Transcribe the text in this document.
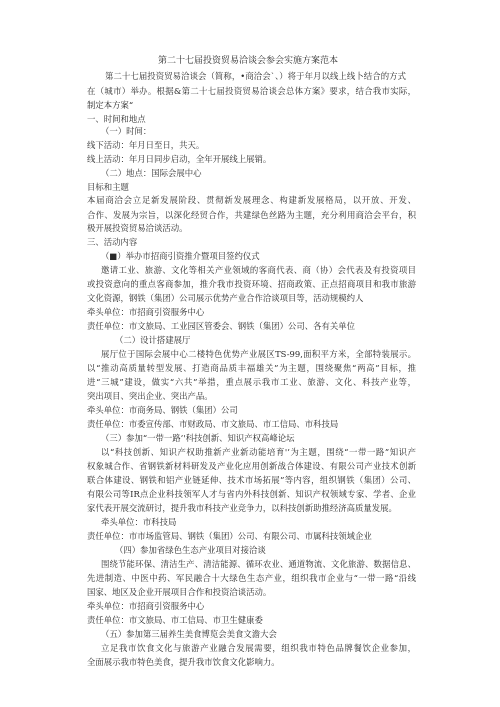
第二十七届投资贸易洽谈会参会实施方案范本
第二十七届投资贸易洽谈会（简称，•商洽会`、）将于年月以线上线卜结合的方式
在（城市）举办。根据&第二十七届投资贸易洽谈会总体方案》要求，结合我市实际，
制定本方案“
一、时间和地点
（一）时间：
线下活动：年月日至日，共天。
线上活动：年月日同步启动，全年开展线上展销。
（二）地点：国际会展中心
目标和主题
本届商洽会立足新发展阶段、贯彻新发展理念、构建新发展格局，以开放、开发、
合作、发展为宗旨，以深化经贸合作，共建绿色丝路为主题，充分利用商洽会平台，积
极开展投资贸易洽谈活动。
三、活动内容
（■）举办市招商引资推介暨项目签约仪式
邀请工业、旅游、文化等相关产业领域的客商代表、商（协）会代表及有投资项目
或投资意向的重点客商参加，推介我市投资环境、招商政策、正点招商项目和我市旅游
文化资源，钢铁（集团）公司展示优势产业合作洽谈项目等，活动规模约人
牵头单位：市招商引资服务中心
责任单位：市文旅局、工业园区管委会、钢铁（集团）公司、各有关单位
（二）设计搭建展厅
展厅位于国际会展中心二楼特色优势产业展区TS-99,面积平方米，全部特装展示。
以“推动高质量转型发展、打造商品质丰福雄关”为主题，围绕聚焦“两高”目标，推
进“三城”建设，做实“六共”举措，重点展示我市工业、旅游、文化、科技产业等，
突出项目、突出企业、突出产品。
牵头单位：市商务局、钢铁（集团）公司
责任单位：市委宣传部、市财政局、市文旅局、市工信局、市科技局
（三）参加“一带一路’'科技创新、知识产权高峰论坛
以“科技创新、知识产权助推新产业新动能培育'’为主题，围绕“一带一路”知识产
权象城合作、省钢铁新材料研发及产业化应用创新战合体建设、有限公司产业技术创新
联合体建设、钢铁和铝产业链延伸、技术市场拓展”等内容，组织钢铁（集团）公司、
有限公司等IR点企业科技领军人才与省内外科技创新、知识产权领域专家、学者、企业
家代表开展交流研讨，提升我市科技产业竞争力，以科技创新助推经济高质量发展。
牵头单位：市科技局
责任单位：市市场监管局、钢铁（集团）公司、有限公司、市属科技领域企业
（四）参加省绿色生态产业项目对接洽谈
围绕节能环保、清洁生产、清洁能源、循环农业、通道物流、文化旅游、数据信息、
先进制造、中医中药、军民融合十大绿色生态产业，组织我市企业与“一带一路“沿线
国家、地区及企业开展项目合作和投资洽谈活动。
牵头单位：市招商引资服务中心
责任单位：市文旅局、市工信局、市卫生健康委
（五）参加第三届养生美食博览会美食文澹大会
立足我市饮食文化与旅游产业融合发展需要，组织我市特色品牌餐饮企业参加，
全面展示我市特色美食，提升我市饮食文化影响力。
